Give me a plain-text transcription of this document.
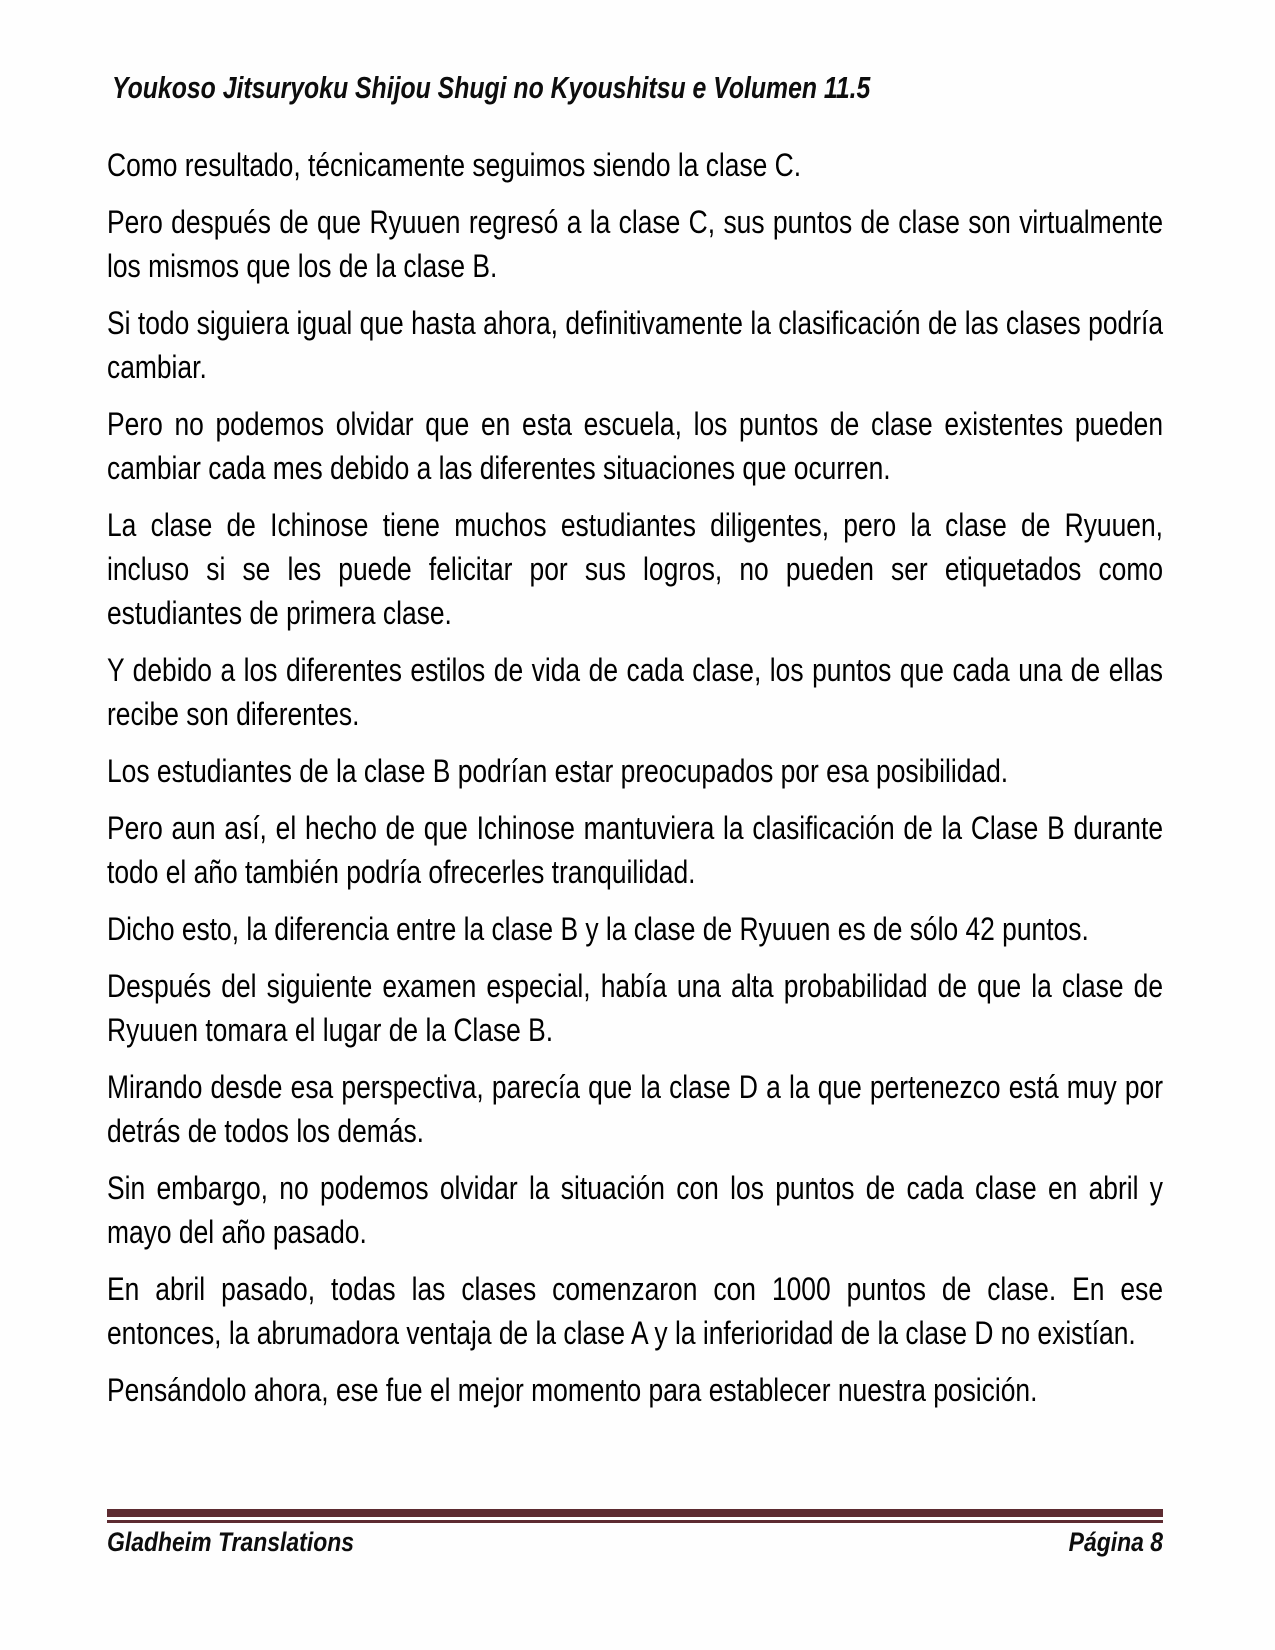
Youkoso Jitsuryoku Shijou Shugi no Kyoushitsu e Volumen 11.5

Como resultado, técnicamente seguimos siendo la clase C.

Pero después de que Ryuuen regresó a la clase C, sus puntos de clase son virtualmente los mismos que los de la clase B.

Si todo siguiera igual que hasta ahora, definitivamente la clasificación de las clases podría cambiar.

Pero no podemos olvidar que en esta escuela, los puntos de clase existentes pueden cambiar cada mes debido a las diferentes situaciones que ocurren.

La clase de Ichinose tiene muchos estudiantes diligentes, pero la clase de Ryuuen, incluso si se les puede felicitar por sus logros, no pueden ser etiquetados como estudiantes de primera clase.

Y debido a los diferentes estilos de vida de cada clase, los puntos que cada una de ellas recibe son diferentes.

Los estudiantes de la clase B podrían estar preocupados por esa posibilidad.

Pero aun así, el hecho de que Ichinose mantuviera la clasificación de la Clase B durante todo el año también podría ofrecerles tranquilidad.

Dicho esto, la diferencia entre la clase B y la clase de Ryuuen es de sólo 42 puntos.

Después del siguiente examen especial, había una alta probabilidad de que la clase de Ryuuen tomara el lugar de la Clase B.

Mirando desde esa perspectiva, parecía que la clase D a la que pertenezco está muy por detrás de todos los demás.

Sin embargo, no podemos olvidar la situación con los puntos de cada clase en abril y mayo del año pasado.

En abril pasado, todas las clases comenzaron con 1000 puntos de clase. En ese entonces, la abrumadora ventaja de la clase A y la inferioridad de la clase D no existían.

Pensándolo ahora, ese fue el mejor momento para establecer nuestra posición.

Gladheim Translations	Página 8
